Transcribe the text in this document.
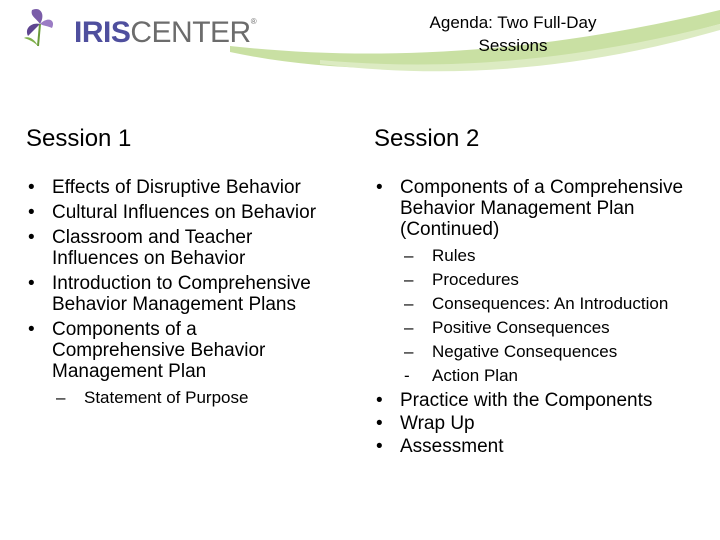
IRISCENTER®	Agenda: Two Full-Day
Sessions
Session 1
• Effects of Disruptive Behavior
• Cultural Influences on Behavior
• Classroom and Teacher Influences on Behavior
• Introduction to Comprehensive Behavior Management Plans
• Components of a Comprehensive Behavior Management Plan
– Statement of Purpose
Session 2
• Components of a Comprehensive Behavior Management Plan (Continued)
– Rules
– Procedures
– Consequences: An Introduction
– Positive Consequences
– Negative Consequences
- Action Plan
• Practice with the Components
• Wrap Up
• Assessment
